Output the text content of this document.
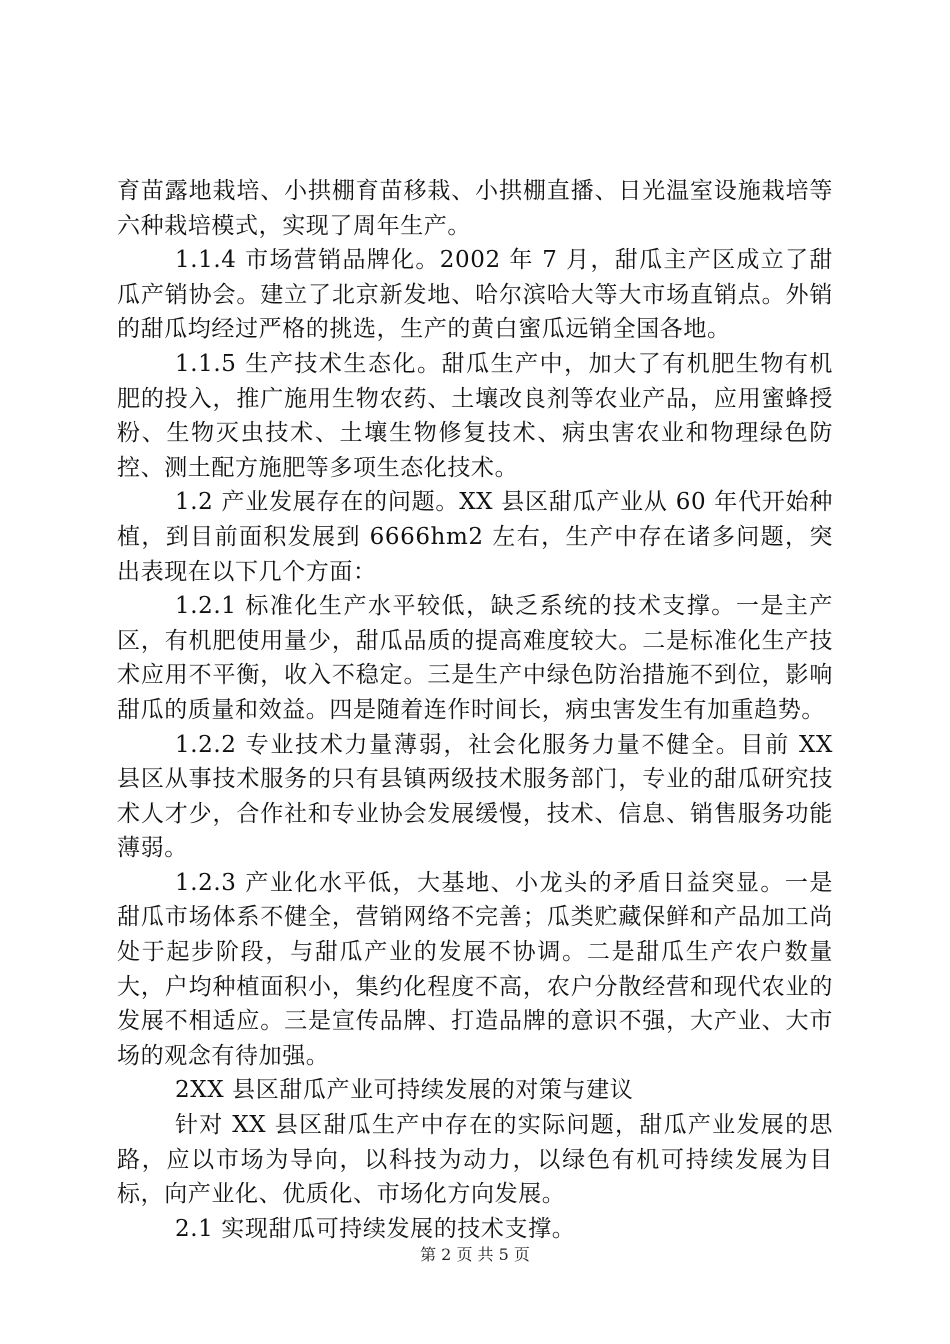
育苗露地栽培、小拱棚育苗移栽、小拱棚直播、日光温室设施栽培等六种栽培模式，实现了周年生产。

1.1.4 市场营销品牌化。2002 年 7 月，甜瓜主产区成立了甜瓜产销协会。建立了北京新发地、哈尔滨哈大等大市场直销点。外销的甜瓜均经过严格的挑选，生产的黄白蜜瓜远销全国各地。

1.1.5 生产技术生态化。甜瓜生产中，加大了有机肥生物有机肥的投入，推广施用生物农药、土壤改良剂等农业产品，应用蜜蜂授粉、生物灭虫技术、土壤生物修复技术、病虫害农业和物理绿色防控、测土配方施肥等多项生态化技术。

1.2 产业发展存在的问题。XX 县区甜瓜产业从 60 年代开始种植，到目前面积发展到 6666hm2 左右，生产中存在诸多问题，突出表现在以下几个方面：

1.2.1 标准化生产水平较低，缺乏系统的技术支撑。一是主产区，有机肥使用量少，甜瓜品质的提高难度较大。二是标准化生产技术应用不平衡，收入不稳定。三是生产中绿色防治措施不到位，影响甜瓜的质量和效益。四是随着连作时间长，病虫害发生有加重趋势。

1.2.2 专业技术力量薄弱，社会化服务力量不健全。目前 XX 县区从事技术服务的只有县镇两级技术服务部门，专业的甜瓜研究技术人才少，合作社和专业协会发展缓慢，技术、信息、销售服务功能薄弱。

1.2.3 产业化水平低，大基地、小龙头的矛盾日益突显。一是甜瓜市场体系不健全，营销网络不完善；瓜类贮藏保鲜和产品加工尚处于起步阶段，与甜瓜产业的发展不协调。二是甜瓜生产农户数量大，户均种植面积小，集约化程度不高，农户分散经营和现代农业的发展不相适应。三是宣传品牌、打造品牌的意识不强，大产业、大市场的观念有待加强。

2XX 县区甜瓜产业可持续发展的对策与建议

针对 XX 县区甜瓜生产中存在的实际问题，甜瓜产业发展的思路，应以市场为导向，以科技为动力，以绿色有机可持续发展为目标，向产业化、优质化、市场化方向发展。

2.1 实现甜瓜可持续发展的技术支撑。

第 2 页 共 5 页
